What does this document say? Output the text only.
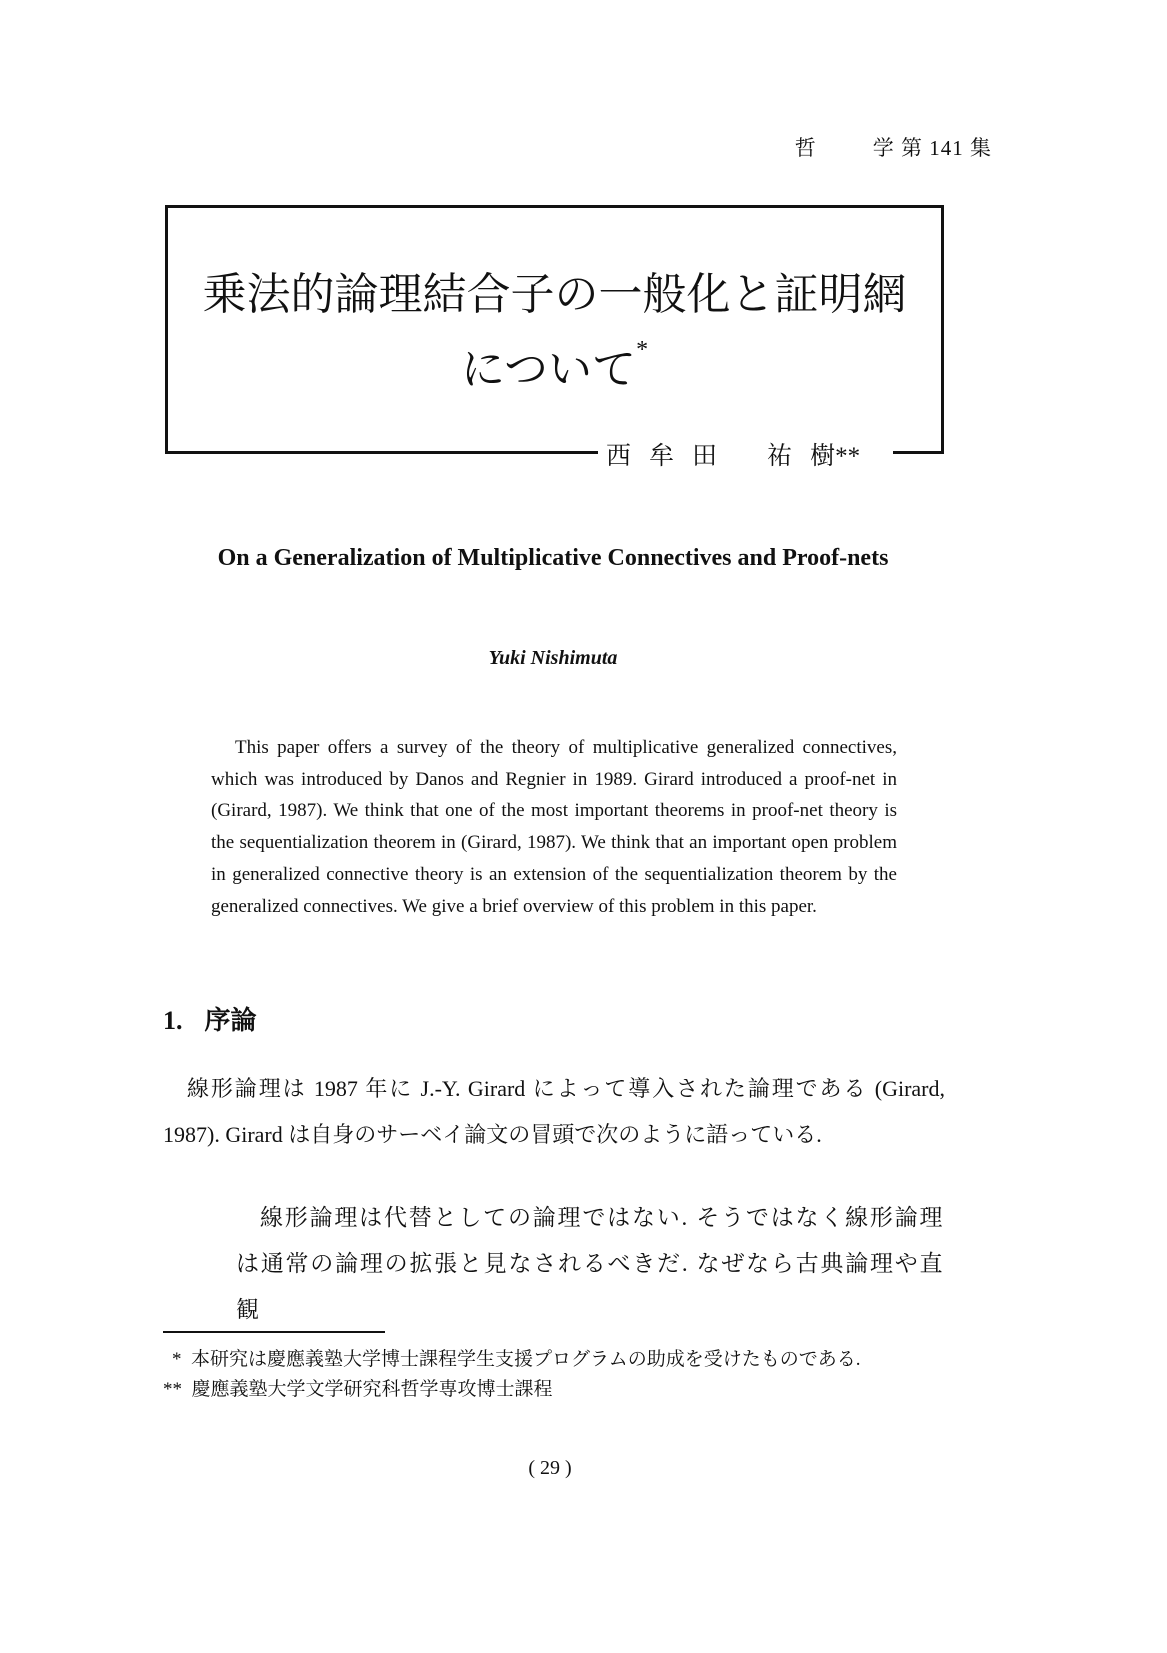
哲	学 第 141 集
乗法的論理結合子の一般化と証明網
について*
西 牟 田 祐 樹**
On a Generalization of Multiplicative Connectives and Proof-nets
Yuki Nishimuta
This paper offers a survey of the theory of multiplicative generalized connectives, which was introduced by Danos and Regnier in 1989. Girard introduced a proof-net in (Girard, 1987). We think that one of the most important theorems in proof-net theory is the sequentialization theorem in (Girard, 1987). We think that an important open problem in generalized connective theory is an extension of the sequentialization theorem by the generalized connectives. We give a brief overview of this problem in this paper.
1. 序論
線形論理は 1987 年に J.-Y. Girard によって導入された論理である (Girard, 1987). Girard は自身のサーベイ論文の冒頭で次のように語っている.
線形論理は代替としての論理ではない. そうではなく線形論理は通常の論理の拡張と見なされるべきだ. なぜなら古典論理や直観
* 本研究は慶應義塾大学博士課程学生支援プログラムの助成を受けたものである.
** 慶應義塾大学文学研究科哲学専攻博士課程
( 29 )
